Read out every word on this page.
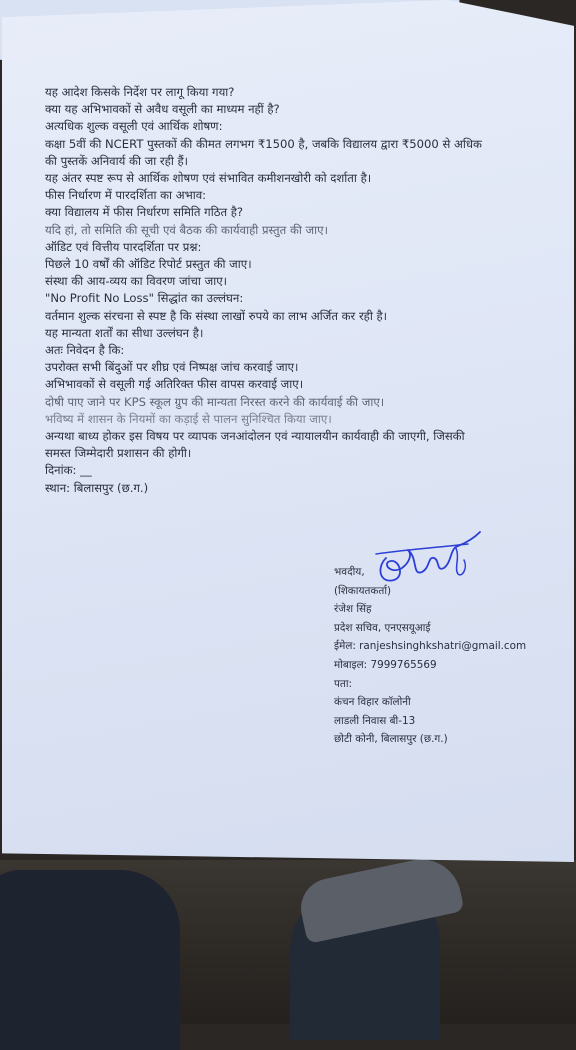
यह आदेश किसके निर्देश पर लागू किया गया?
क्या यह अभिभावकों से अवैध वसूली का माध्यम नहीं है?
अत्यधिक शुल्क वसूली एवं आर्थिक शोषण:
कक्षा 5वीं की NCERT पुस्तकों की कीमत लगभग ₹1500 है, जबकि विद्यालय द्वारा ₹5000 से अधिक
की पुस्तकें अनिवार्य की जा रही हैं।
यह अंतर स्पष्ट रूप से आर्थिक शोषण एवं संभावित कमीशनखोरी को दर्शाता है।
फीस निर्धारण में पारदर्शिता का अभाव:
क्या विद्यालय में फीस निर्धारण समिति गठित है?
यदि हां, तो समिति की सूची एवं बैठक की कार्यवाही प्रस्तुत की जाए।
ऑडिट एवं वित्तीय पारदर्शिता पर प्रश्न:
पिछले 10 वर्षों की ऑडिट रिपोर्ट प्रस्तुत की जाए।
संस्था की आय-व्यय का विवरण जांचा जाए।
"No Profit No Loss" सिद्धांत का उल्लंघन:
वर्तमान शुल्क संरचना से स्पष्ट है कि संस्था लाखों रुपये का लाभ अर्जित कर रही है।
यह मान्यता शर्तों का सीधा उल्लंघन है।
अतः निवेदन है कि:
उपरोक्त सभी बिंदुओं पर शीघ्र एवं निष्पक्ष जांच करवाई जाए।
अभिभावकों से वसूली गई अतिरिक्त फीस वापस करवाई जाए।
दोषी पाए जाने पर KPS स्कूल ग्रुप की मान्यता निरस्त करने की कार्यवाई की जाए।
भविष्य में शासन के नियमों का कड़ाई से पालन सुनिश्चित किया जाए।
अन्यथा बाध्य होकर इस विषय पर व्यापक जनआंदोलन एवं न्यायालयीन कार्यवाही की जाएगी, जिसकी
समस्त जिम्मेदारी प्रशासन की होगी।
दिनांक: __
स्थान: बिलासपुर (छ.ग.)
भवदीय,
(शिकायतकर्ता)
रंजेश सिंह
प्रदेश सचिव, एनएसयूआई
ईमेल: ranjeshsinghkshatri@gmail.com
मोबाइल: 7999765569
पता:
कंचन विहार कॉलोनी
लाडली निवास बी-13
छोटी कोनी, बिलासपुर (छ.ग.)
